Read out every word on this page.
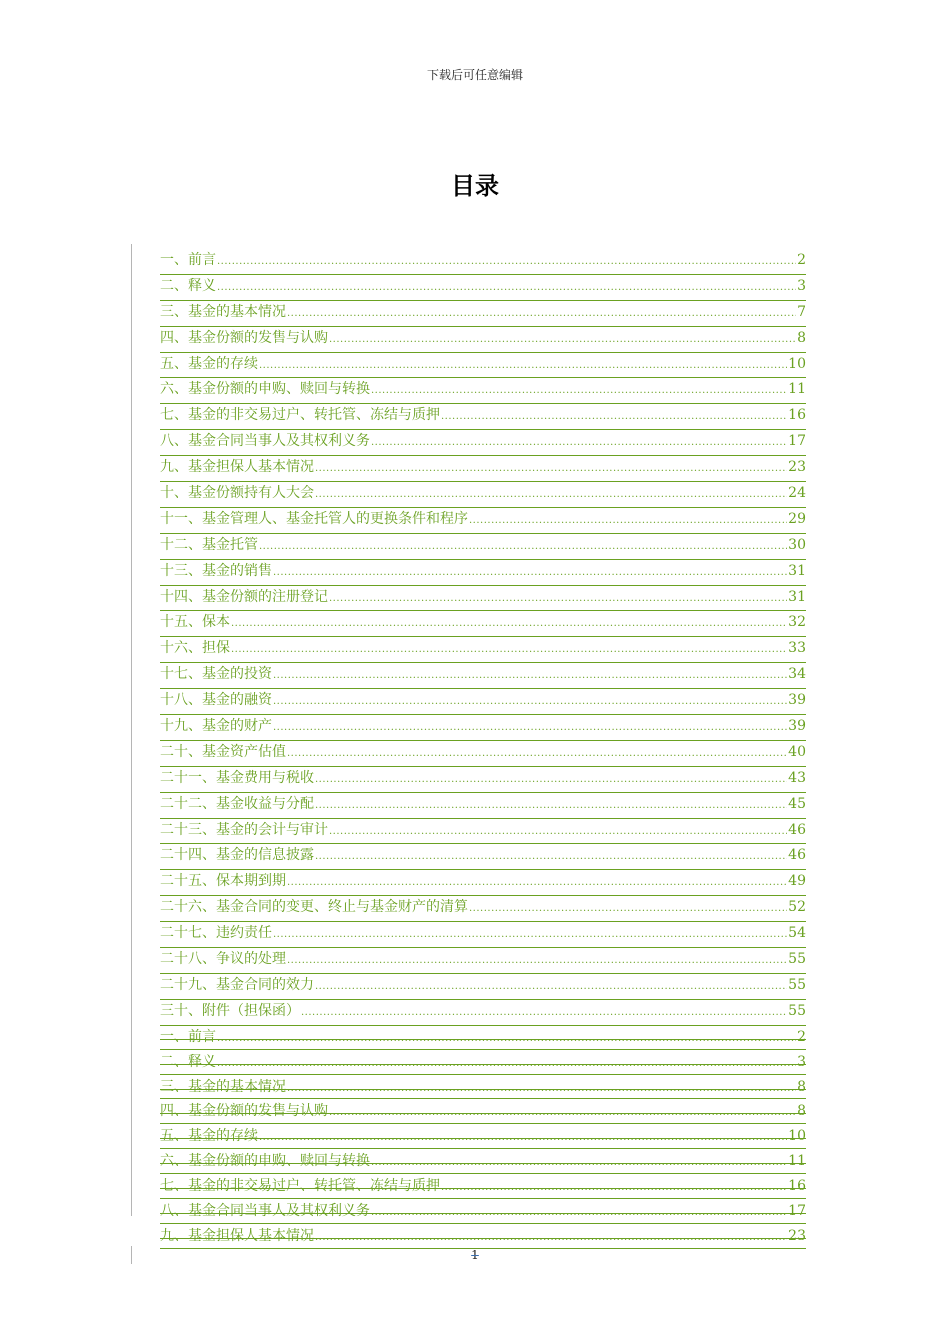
下载后可任意编辑
目录
一、前言 .....	2
二、释义 .....	3
三、基金的基本情况 .....	7
四、基金份额的发售与认购 .....	8
五、基金的存续 .....	10
六、基金份额的申购、赎回与转换 .....	11
七、基金的非交易过户、转托管、冻结与质押 .....	16
八、基金合同当事人及其权利义务 .....	17
九、基金担保人基本情况 .....	23
十、基金份额持有人大会 .....	24
十一、基金管理人、基金托管人的更换条件和程序 .....	29
十二、基金托管 .....	30
十三、基金的销售 .....	31
十四、基金份额的注册登记 .....	31
十五、保本 .....	32
十六、担保 .....	33
十七、基金的投资 .....	34
十八、基金的融资 .....	39
十九、基金的财产 .....	39
二十、基金资产估值 .....	40
二十一、基金费用与税收 .....	43
二十二、基金收益与分配 .....	45
二十三、基金的会计与审计 .....	46
二十四、基金的信息披露 .....	46
二十五、保本期到期 .....	49
二十六、基金合同的变更、终止与基金财产的清算 .....	52
二十七、违约责任 .....	54
二十八、争议的处理 .....	55
二十九、基金合同的效力 .....	55
三十、附件（担保函） .....	55
一、前言 .....	2
二、释义 .....	3
三、基金的基本情况 .....	8
四、基金份额的发售与认购 .....	8
五、基金的存续 .....	10
六、基金份额的申购、赎回与转换 .....	11
七、基金的非交易过户、转托管、冻结与质押 .....	16
八、基金合同当事人及其权利义务 .....	17
九、基金担保人基本情况 .....	23
1
